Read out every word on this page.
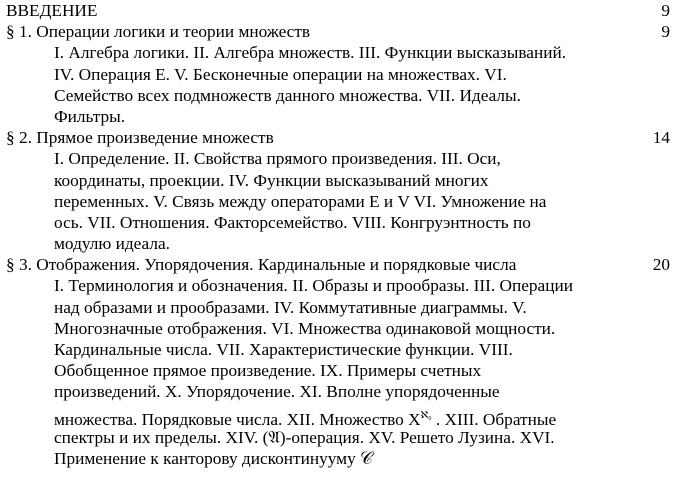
ВВЕДЕНИЕ	9
§ 1. Операции логики и теории множеств	9
I. Алгебра логики. II. Алгебра множеств. III. Функции высказываний.
IV. Операция E. V. Бесконечные операции на множествах. VI.
Семейство всех подмножеств данного множества. VII. Идеалы.
Фильтры.
§ 2. Прямое произведение множеств	14
I. Определение. II. Свойства прямого произведения. III. Оси,
координаты, проекции. IV. Функции высказываний многих
переменных. V. Связь между операторами E и V VI. Умножение на
ось. VII. Отношения. Факторсемейство. VIII. Конгруэнтность по
модулю идеала.
§ 3. Отображения. Упорядочения. Кардинальные и порядковые числа	20
I. Терминология и обозначения. II. Образы и прообразы. III. Операции
над образами и прообразами. IV. Коммутативные диаграммы. V.
Многозначные отображения. VI. Множества одинаковой мощности.
Кардинальные числа. VII. Характеристические функции. VIII.
Обобщенное прямое произведение. IX. Примеры счетных
произведений. X. Упорядочение. XI. Вполне упорядоченные
множества. Порядковые числа. XII. Множество $X^{ℵ_0}$ . XIII. Обратные
спектры и их пределы. XIV. (𝔄)-операция. XV. Решето Лузина. XVI.
Применение к канторову дисконтинууму 𝒞
